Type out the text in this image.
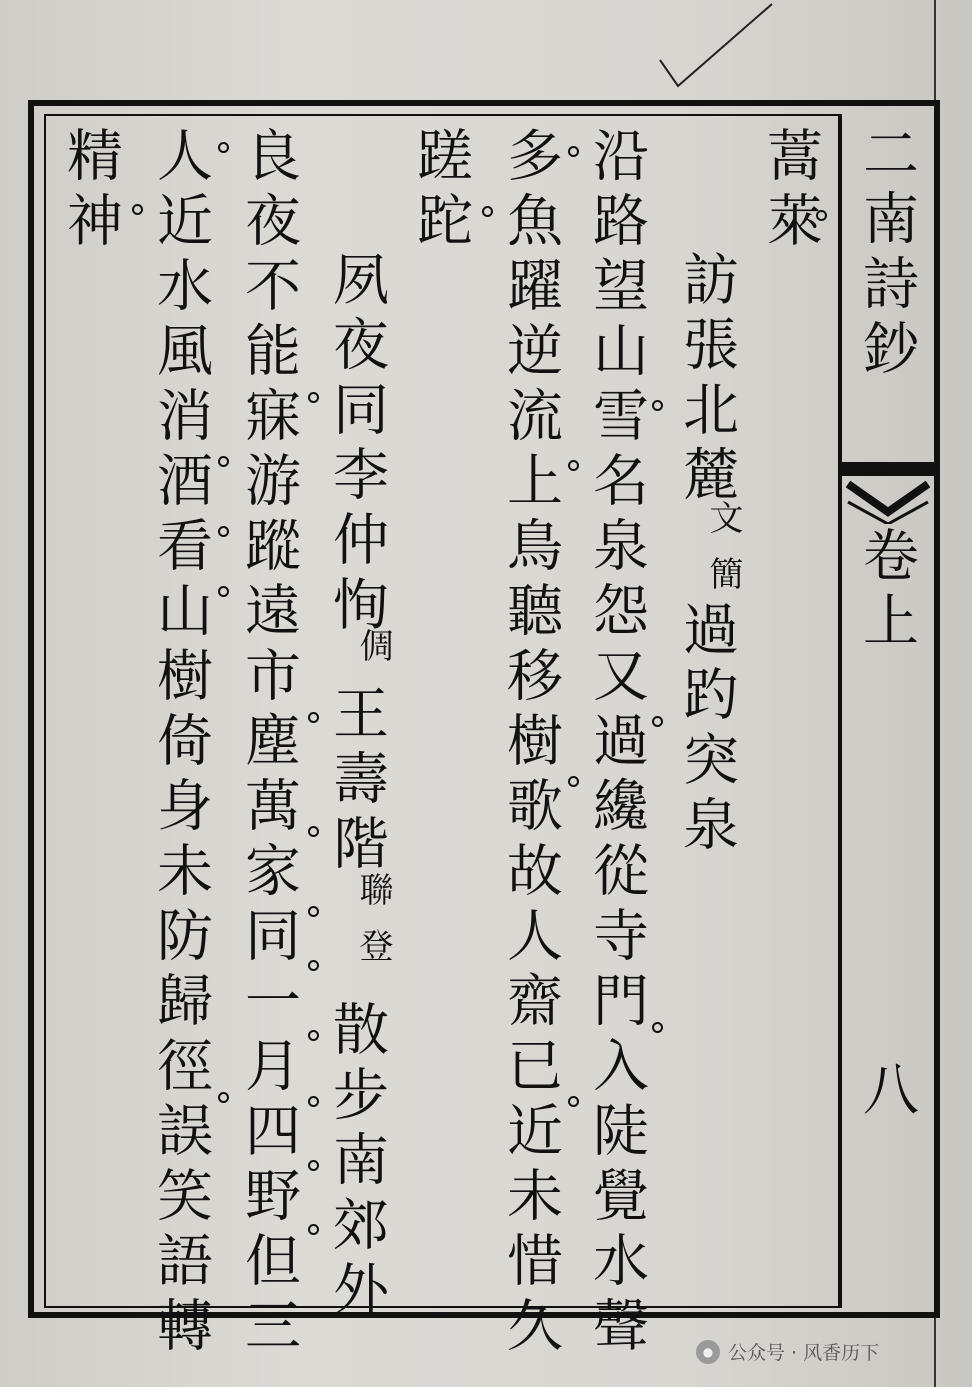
二南詩鈔
卷上
八
蒿萊
訪張北麓
文簡
過趵突泉
沿路望山雪名泉怨又過纔從寺門入陡覺水聲
多魚躍逆流上鳥聽移樹歌故人齋已近未惜久
蹉跎
夙夜同李仲恂
倜
王壽階
聯登
散步南郊外
良夜不能寐游蹤遠市塵萬家同一月四野但三
人近水風消酒看山樹倚身未防歸徑誤笑語轉
精神
● 公众号 · 风香历下
